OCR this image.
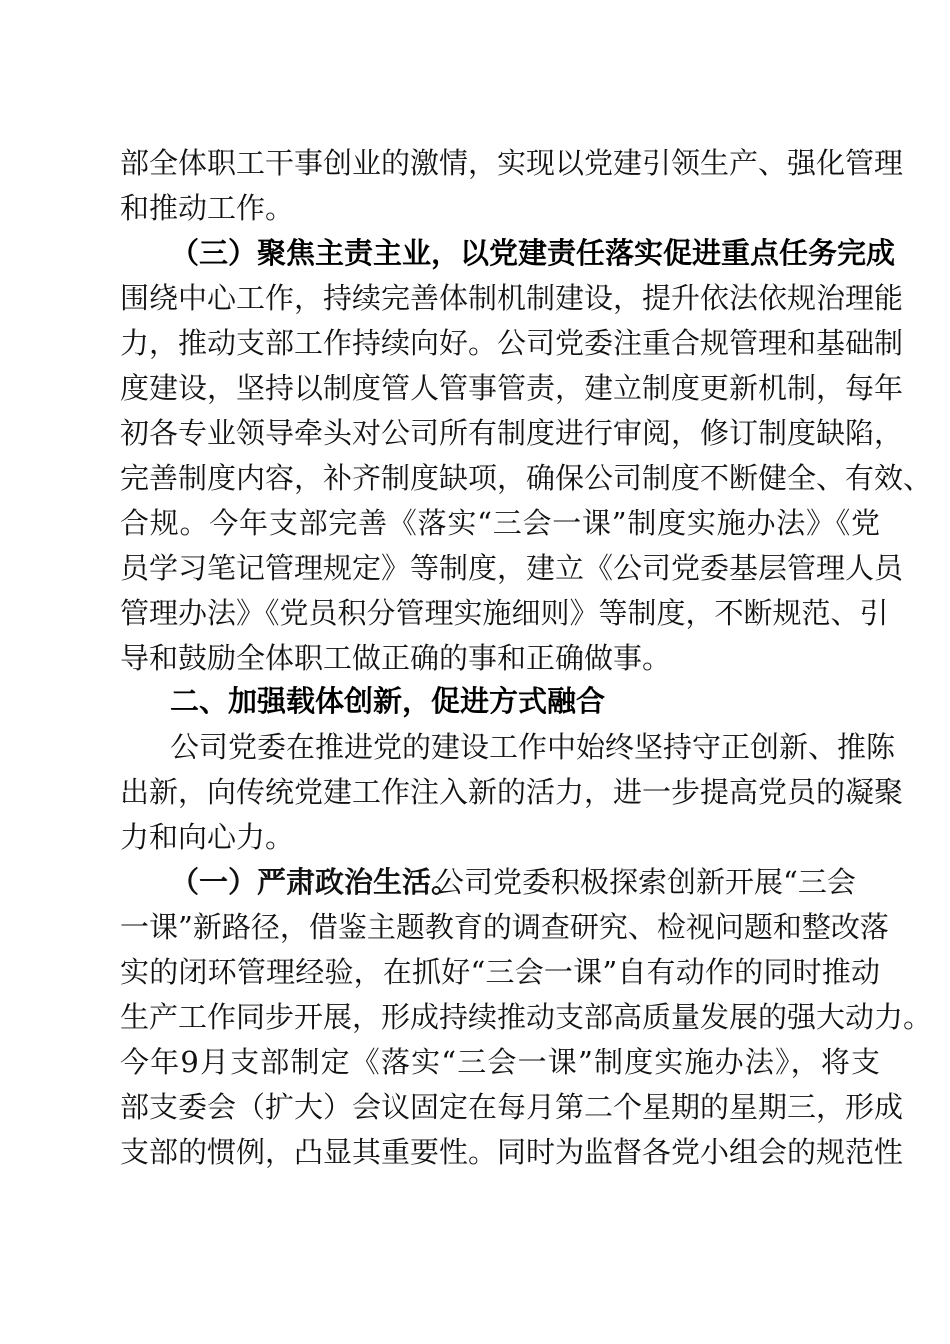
部全体职工干事创业的激情，实现以党建引领生产、强化管理
和推动工作。
（三）聚焦主责主业，以党建责任落实促进重点任务完成
围绕中心工作，持续完善体制机制建设，提升依法依规治理能
力，推动支部工作持续向好。公司党委注重合规管理和基础制
度建设，坚持以制度管人管事管责，建立制度更新机制，每年
初各专业领导牵头对公司所有制度进行审阅，修订制度缺陷，
完善制度内容，补齐制度缺项，确保公司制度不断健全、有效、
合规。今年支部完善《落实“三会一课”制度实施办法》《党
员学习笔记管理规定》等制度，建立《公司党委基层管理人员
管理办法》《党员积分管理实施细则》等制度，不断规范、引
导和鼓励全体职工做正确的事和正确做事。
二、加强载体创新，促进方式融合
公司党委在推进党的建设工作中始终坚持守正创新、推陈
出新，向传统党建工作注入新的活力，进一步提高党员的凝聚
力和向心力。
（一）严肃政治生活。
公司党委积极探索创新开展“三会
一课”新路径，借鉴主题教育的调查研究、检视问题和整改落
实的闭环管理经验，在抓好“三会一课”自有动作的同时推动
生产工作同步开展，形成持续推动支部高质量发展的强大动力。
今年9月支部制定《落实“三会一课”制度实施办法》，将支
部支委会（扩大）会议固定在每月第二个星期的星期三，形成
支部的惯例，凸显其重要性。同时为监督各党小组会的规范性
